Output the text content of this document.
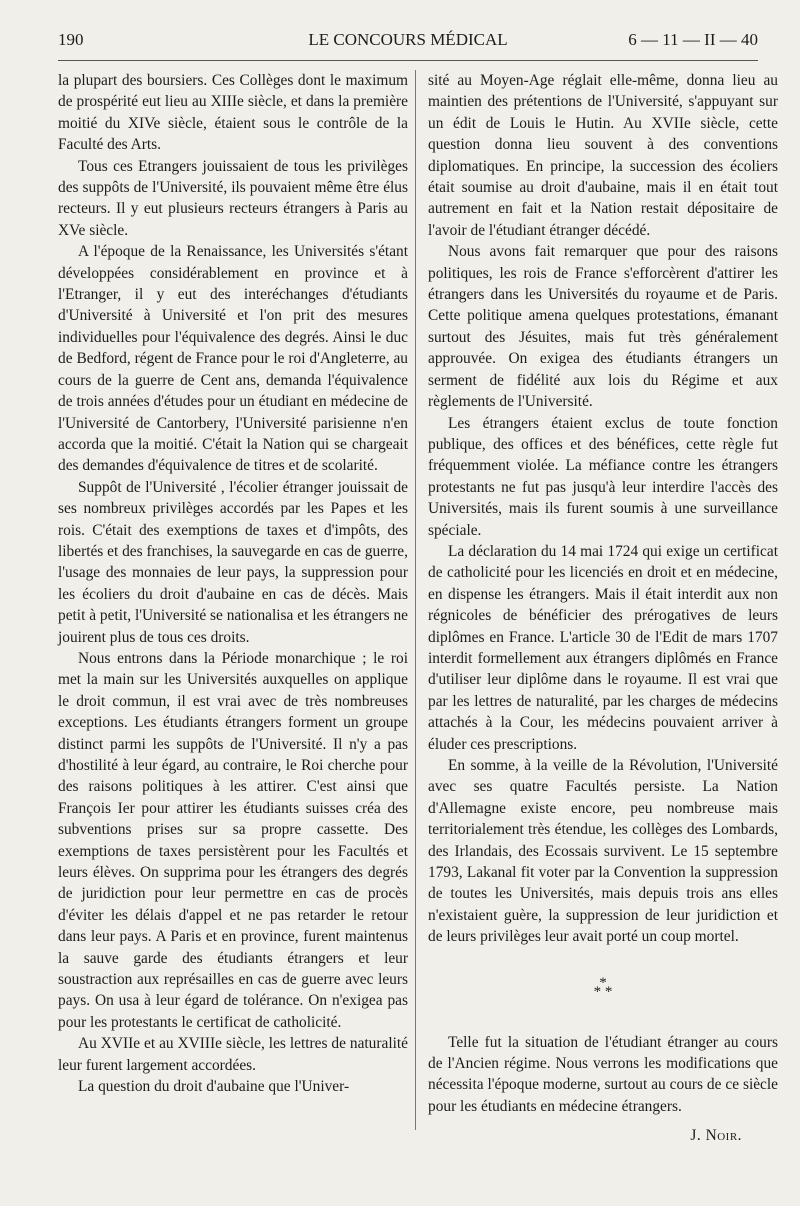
190	LE CONCOURS MÉDICAL	6 — 11 — II — 40

la plupart des boursiers. Ces Collèges dont le maximum de prospérité eut lieu au XIIIe siècle, et dans la première moitié du XIVe siècle, étaient sous le contrôle de la Faculté des Arts.

Tous ces Etrangers jouissaient de tous les privilèges des suppôts de l'Université, ils pouvaient même être élus recteurs. Il y eut plusieurs recteurs étrangers à Paris au XVe siècle.

A l'époque de la Renaissance, les Universités s'étant développées considérablement en province et à l'Etranger, il y eut des interéchanges d'étudiants d'Université à Université et l'on prit des mesures individuelles pour l'équivalence des degrés. Ainsi le duc de Bedford, régent de France pour le roi d'Angleterre, au cours de la guerre de Cent ans, demanda l'équivalence de trois années d'études pour un étudiant en médecine de l'Université de Cantorbery, l'Université parisienne n'en accorda que la moitié. C'était la Nation qui se chargeait des demandes d'équivalence de titres et de scolarité.

Suppôt de l'Université , l'écolier étranger jouissait de ses nombreux privilèges accordés par les Papes et les rois. C'était des exemptions de taxes et d'impôts, des libertés et des franchises, la sauvegarde en cas de guerre, l'usage des monnaies de leur pays, la suppression pour les écoliers du droit d'aubaine en cas de décès. Mais petit à petit, l'Université se nationalisa et les étrangers ne jouirent plus de tous ces droits.

Nous entrons dans la Période monarchique ; le roi met la main sur les Universités auxquelles on applique le droit commun, il est vrai avec de très nombreuses exceptions. Les étudiants étrangers forment un groupe distinct parmi les suppôts de l'Université. Il n'y a pas d'hostilité à leur égard, au contraire, le Roi cherche pour des raisons politiques à les attirer. C'est ainsi que François Ier pour attirer les étudiants suisses créa des subventions prises sur sa propre cassette. Des exemptions de taxes persistèrent pour les Facultés et leurs élèves. On supprima pour les étrangers des degrés de juridiction pour leur permettre en cas de procès d'éviter les délais d'appel et ne pas retarder le retour dans leur pays. A Paris et en province, furent maintenus la sauve garde des étudiants étrangers et leur soustraction aux représailles en cas de guerre avec leurs pays. On usa à leur égard de tolérance. On n'exigea pas pour les protestants le certificat de catholicité.

Au XVIIe et au XVIIIe siècle, les lettres de naturalité leur furent largement accordées.

La question du droit d'aubaine que l'Univer-

sité au Moyen-Age réglait elle-même, donna lieu au maintien des prétentions de l'Université, s'appuyant sur un édit de Louis le Hutin. Au XVIIe siècle, cette question donna lieu souvent à des conventions diplomatiques. En principe, la succession des écoliers était soumise au droit d'aubaine, mais il en était tout autrement en fait et la Nation restait dépositaire de l'avoir de l'étudiant étranger décédé.

Nous avons fait remarquer que pour des raisons politiques, les rois de France s'efforcèrent d'attirer les étrangers dans les Universités du royaume et de Paris. Cette politique amena quelques protestations, émanant surtout des Jésuites, mais fut très généralement approuvée. On exigea des étudiants étrangers un serment de fidélité aux lois du Régime et aux règlements de l'Université.

Les étrangers étaient exclus de toute fonction publique, des offices et des bénéfices, cette règle fut fréquemment violée. La méfiance contre les étrangers protestants ne fut pas jusqu'à leur interdire l'accès des Universités, mais ils furent soumis à une surveillance spéciale.

La déclaration du 14 mai 1724 qui exige un certificat de catholicité pour les licenciés en droit et en médecine, en dispense les étrangers. Mais il était interdit aux non régnicoles de bénéficier des prérogatives de leurs diplômes en France. L'article 30 de l'Edit de mars 1707 interdit formellement aux étrangers diplômés en France d'utiliser leur diplôme dans le royaume. Il est vrai que par les lettres de naturalité, par les charges de médecins attachés à la Cour, les médecins pouvaient arriver à éluder ces prescriptions.

En somme, à la veille de la Révolution, l'Université avec ses quatre Facultés persiste. La Nation d'Allemagne existe encore, peu nombreuse mais territorialement très étendue, les collèges des Lombards, des Irlandais, des Ecossais survivent. Le 15 septembre 1793, Lakanal fit voter par la Convention la suppression de toutes les Universités, mais depuis trois ans elles n'existaient guère, la suppression de leur juridiction et de leurs privilèges leur avait porté un coup mortel.

*
* *

Telle fut la situation de l'étudiant étranger au cours de l'Ancien régime. Nous verrons les modifications que nécessita l'époque moderne, surtout au cours de ce siècle pour les étudiants en médecine étrangers.

J. Noir.
